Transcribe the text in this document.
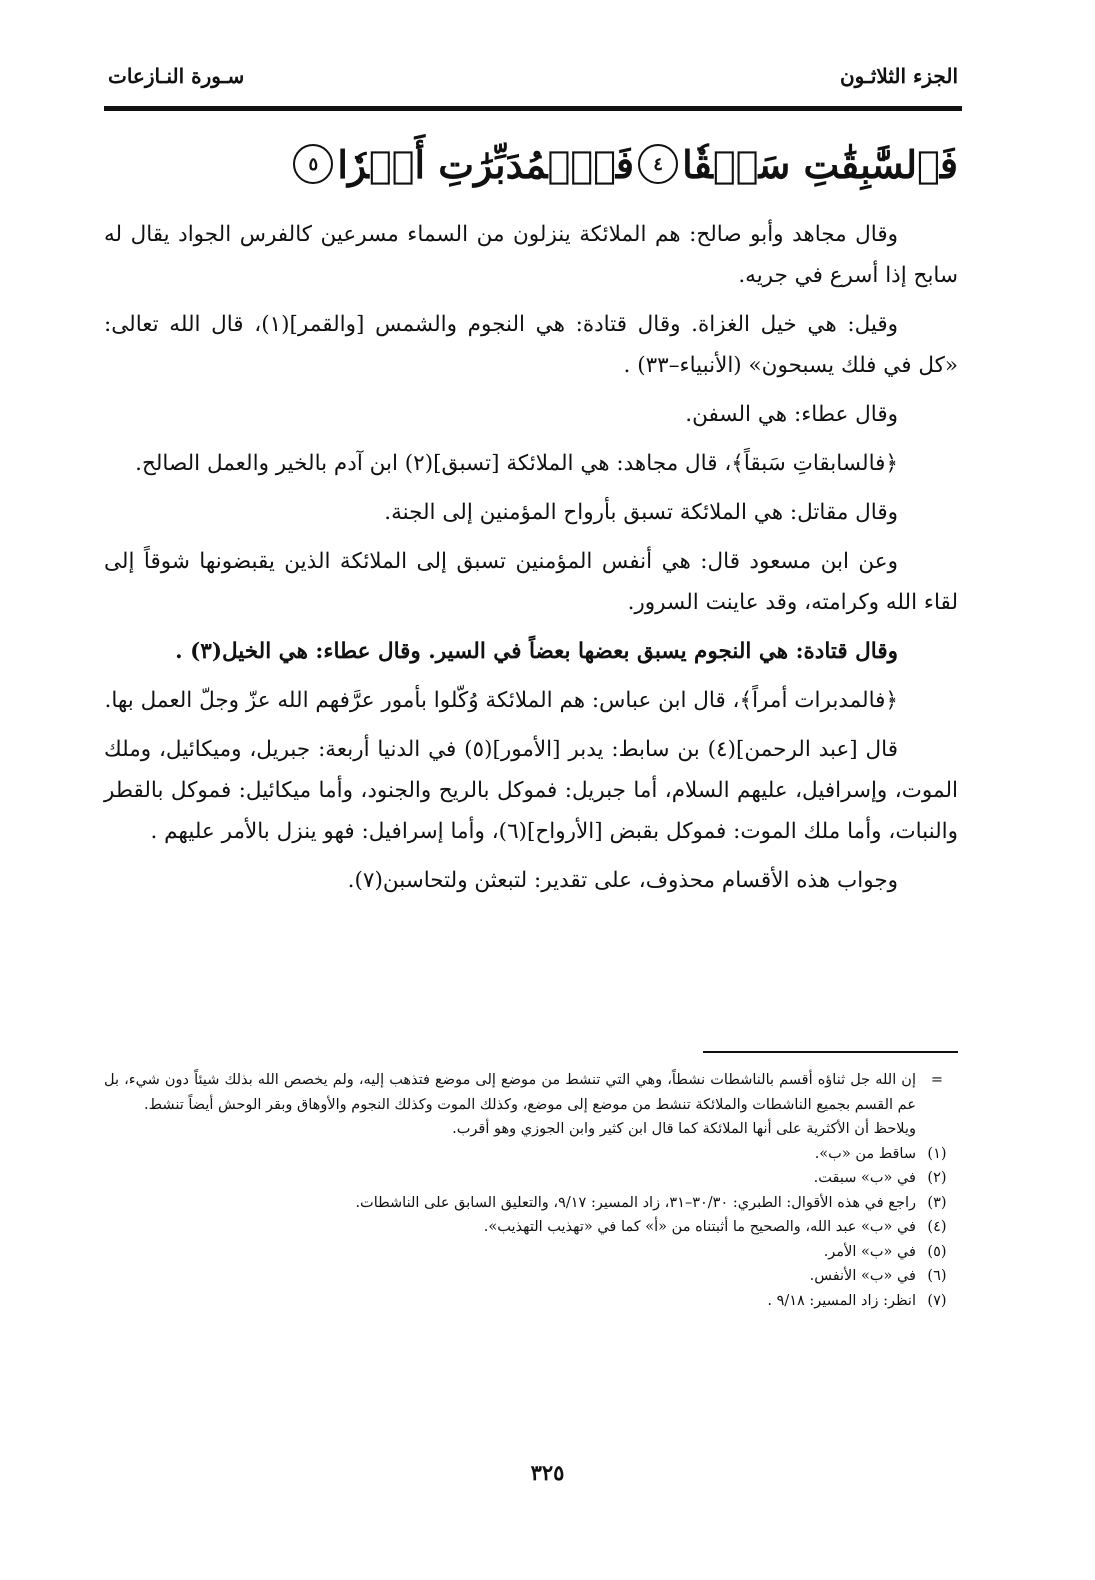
الجزء الثلاثـون
سـورة النـازعات
فَٱلسَّٰبِقَٰتِ سَبۡقٗا
٤
فَٱلۡمُدَبِّرَٰتِ أَمۡرٗا
٥

وقال مجاهد وأبو صالح: هم الملائكة ينزلون من السماء مسرعين كالفرس الجواد يقال له سابح إذا أسرع في جريه.

وقيل: هي خيل الغزاة. وقال قتادة: هي النجوم والشمس [والقمر](١)، قال الله تعالى: «كل في فلك يسبحون» (الأنبياء–٣٣) .

وقال عطاء: هي السفن.

﴿فالسابقاتِ سَبقاً﴾، قال مجاهد: هي الملائكة [تسبق](٢) ابن آدم بالخير والعمل الصالح.

وقال مقاتل: هي الملائكة تسبق بأرواح المؤمنين إلى الجنة.

وعن ابن مسعود قال: هي أنفس المؤمنين تسبق إلى الملائكة الذين يقبضونها شوقاً إلى لقاء الله وكرامته، وقد عاينت السرور.

وقال قتادة: هي النجوم يسبق بعضها بعضاً في السير. وقال عطاء: هي الخيل(٣) .

﴿فالمدبرات أمراً﴾، قال ابن عباس: هم الملائكة وُكّلوا بأمور عرَّفهم الله عزّ وجلّ العمل بها.

قال [عبد الرحمن](٤) بن سابط: يدبر [الأمور](٥) في الدنيا أربعة: جبريل، وميكائيل، وملك الموت، وإسرافيل، عليهم السلام، أما جبريل: فموكل بالريح والجنود، وأما ميكائيل: فموكل بالقطر والنبات، وأما ملك الموت: فموكل بقبض [الأرواح](٦)، وأما إسرافيل: فهو ينزل بالأمر عليهم .

وجواب هذه الأقسام محذوف، على تقدير: لتبعثن ولتحاسبن(٧).

=
إن الله جل ثناؤه أقسم بالناشطات نشطاً، وهي التي تنشط من موضع إلى موضع فتذهب إليه، ولم يخصص الله بذلك شيئاً دون شيء، بل عم القسم بجميع الناشطات والملائكة تنشط من موضع إلى موضع، وكذلك الموت وكذلك النجوم والأوهاق وبقر الوحش أيضاً تنشط.

ويلاحظ أن الأكثرية على أنها الملائكة كما قال ابن كثير وابن الجوزي وهو أقرب.

(١)
ساقط من «ب».
(٢)
في «ب» سبقت.
(٣)
راجع في هذه الأقوال: الطبري: ٣٠/٣٠–٣١، زاد المسير: ٩/١٧، والتعليق السابق على الناشطات.
(٤)
في «ب» عبد الله، والصحيح ما أثبتناه من «أ» كما في «تهذيب التهذيب».
(٥)
في «ب» الأمر.
(٦)
في «ب» الأنفس.
(٧)
انظر: زاد المسير: ٩/١٨ .
٣٢٥
